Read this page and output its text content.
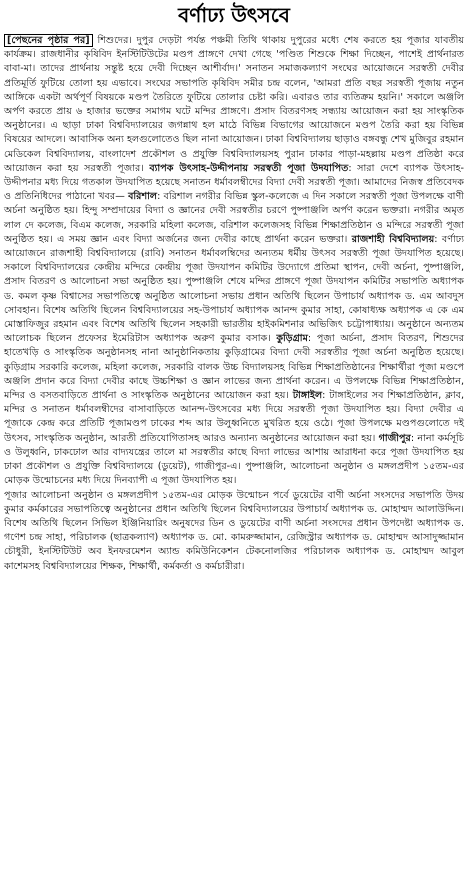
বর্ণাঢ্য উৎসবে

[পেছনের পৃষ্ঠার পর] শিশুদের। দুপুর দেড়টা পর্যন্ত পঞ্চমী তিথি থাকায় দুপুরের মধ্যে শেষ করতে হয় পূজার যাবতীয় কার্যক্রম। রাজধানীর কৃষিবিদ ইনস্টিটিউটের মণ্ডপ প্রাঙ্গণে দেখা গেছে 'পণ্ডিত শিশুকে শিক্ষা দিচ্ছেন, পাশেই প্রার্থনারত বাবা-মা। তাদের প্রার্থনায় সন্তুষ্ট হয়ে দেবী দিচ্ছেন আশীর্বাদ।' সনাতন সমাজকল্যাণ সংঘের আয়োজনে সরস্বতী দেবীর প্রতিমূর্তি ফুটিয়ে তোলা হয় এভাবে। সংঘের সভাপতি কৃষিবিদ সমীর চন্দ্র বলেন, 'আমরা প্রতি বছর সরস্বতী পূজায় নতুন আঙ্গিকে একটা অর্থপূর্ণ বিষয়কে মণ্ডপ তৈরিতে ফুটিয়ে তোলার চেষ্টা করি। এবারও তার ব্যতিক্রম হয়নি।' সকালে অঞ্জলি অর্পণ করতে প্রায় ৬ হাজার ভক্তের সমাগম ঘটে মন্দির প্রাঙ্গণে। প্রসাদ বিতরণসহ সন্ধ্যায় আয়োজন করা হয় সাংস্কৃতিক অনুষ্ঠানের। এ ছাড়া ঢাকা বিশ্ববিদ্যালয়ের জগন্নাথ হল মাঠে বিভিন্ন বিভাগের আয়োজনে মণ্ডপ তৈরি করা হয় বিভিন্ন বিষয়ের আদলে। আবাসিক অন্য হলগুলোতেও ছিল নানা আয়োজন। ঢাকা বিশ্ববিদ্যালয় ছাড়াও বঙ্গবন্ধু শেখ মুজিবুর রহমান মেডিকেল বিশ্ববিদ্যালয়, বাংলাদেশ প্রকৌশল ও প্রযুক্তি বিশ্ববিদ্যালয়সহ পুরান ঢাকার পাড়া-মহল্লায় মণ্ডপ প্রতিষ্ঠা করে আয়োজন করা হয় সরস্বতী পূজার। ব্যাপক উৎসাহ-উদ্দীপনায় সরস্বতী পূজা উদযাপিত: সারা দেশে ব্যাপক উৎসাহ-উদ্দীপনার মধ্য দিয়ে গতকাল উদযাপিত হয়েছে সনাতন ধর্মাবলম্বীদের বিদ্যা দেবী সরস্বতী পূজা। আমাদের নিজস্ব প্রতিবেদক ও প্রতিনিধিদের পাঠানো খবর— বরিশাল: বরিশাল নগরীর বিভিন্ন স্কুল-কলেজে এ দিন সকালে সরস্বতী পূজা উপলক্ষে বাণী অর্চনা অনুষ্ঠিত হয়। হিন্দু সম্প্রদায়ের বিদ্যা ও জ্ঞানের দেবী সরস্বতীর চরণে পুষ্পাঞ্জলি অর্পণ করেন ভক্তরা। নগরীর অমৃত লাল দে কলেজ, বিএম কলেজ, সরকারি মহিলা কলেজ, বরিশাল কলেজসহ বিভিন্ন শিক্ষাপ্রতিষ্ঠান ও মন্দিরে সরস্বতী পূজা অনুষ্ঠিত হয়। এ সময় জ্ঞান এবং বিদ্যা অর্জনের জন্য দেবীর কাছে প্রার্থনা করেন ভক্তরা। রাজশাহী বিশ্ববিদ্যালয়: বর্ণাঢ্য আয়োজনে রাজশাহী বিশ্ববিদ্যালয়ে (রাবি) সনাতন ধর্মাবলম্বিদের অন্যতম ধর্মীয় উৎসব সরস্বতী পূজা উদযাপিত হয়েছে। সকালে বিশ্ববিদ্যালয়ের কেন্দ্রীয় মন্দিরে কেন্দ্রীয় পূজা উদযাপন কমিটির উদ্যোগে প্রতিমা স্থাপন, দেবী অর্চনা, পুষ্পাঞ্জলি, প্রসাদ বিতরণ ও আলোচনা সভা অনুষ্ঠিত হয়। পুষ্পাঞ্জলি শেষে মন্দির প্রাঙ্গণে পূজা উদযাপন কমিটির সভাপতি অধ্যাপক ড. কমল কৃষ্ণ বিশ্বাসের সভাপতিত্বে অনুষ্ঠিত আলোচনা সভায় প্রধান অতিথি ছিলেন উপাচার্য অধ্যাপক ড. এম আবদুস সোবহান। বিশেষ অতিথি ছিলেন বিশ্ববিদ্যালয়ের সহ-উপাচার্য অধ্যাপক আনন্দ কুমার সাহা, কোষাধ্যক্ষ অধ্যাপক এ কে এম মোস্তাফিজুর রহমান এবং বিশেষ অতিথি ছিলেন সহকারী ভারতীয় হাইকমিশনার অভিজিৎ চট্টোপাধ্যায়। অনুষ্ঠানে অন্যতম আলোচক ছিলেন প্রফেসর ইমেরিটাস অধ্যাপক অরুণ কুমার বসাক। কুড়িগ্রাম: পূজা অর্চনা, প্রসাদ বিতরণ, শিশুদের হাতেখড়ি ও সাংস্কৃতিক অনুষ্ঠানসহ নানা আনুষ্ঠানিকতায় কুড়িগ্রামের বিদ্যা দেবী সরস্বতীর পূজা অর্চনা অনুষ্ঠিত হয়েছে। কুড়িগ্রাম সরকারি কলেজ, মহিলা কলেজ, সরকারি বালক উচ্চ বিদ্যালয়সহ বিভিন্ন শিক্ষাপ্রতিষ্ঠানের শিক্ষার্থীরা পূজা মণ্ডপে অঞ্জলি প্রদান করে বিদ্যা দেবীর কাছে উচ্চশিক্ষা ও জ্ঞান লাভের জন্য প্রার্থনা করেন। এ উপলক্ষে বিভিন্ন শিক্ষাপ্রতিষ্ঠান, মন্দির ও বসতবাড়িতে প্রার্থনা ও সাংস্কৃতিক অনুষ্ঠানের আয়োজন করা হয়। টাঙ্গাইল: টাঙ্গাইলের সব শিক্ষাপ্রতিষ্ঠান, ক্লাব, মন্দির ও সনাতন ধর্মাবলম্বীদের বাসাবাড়িতে আনন্দ-উৎসবের মধ্য দিয়ে সরস্বতী পূজা উদযাপিত হয়। বিদ্যা দেবীর এ পূজাকে কেন্দ্র করে প্রতিটি পূজামণ্ডপ ঢাকের শব্দ আর উলুধ্বনিতে মুখরিত হয়ে ওঠে। পূজা উপলক্ষে মণ্ডপগুলোতে দই উৎসব, সাংস্কৃতিক অনুষ্ঠান, আরতী প্রতিযোগিতাসহ আরও অন্যান্য অনুষ্ঠানের আয়োজন করা হয়। গাজীপুর: নানা কর্মসূচি ও উলুধ্বনি, ঢাকঢোল আর বাদ্যযন্ত্রের তালে মা সরস্বতীর কাছে বিদ্যা লাভের আশায় আরাধনা করে পূজা উদযাপিত হয় ঢাকা প্রকৌশল ও প্রযুক্তি বিশ্ববিদ্যালয়ে (ডুয়েট), গাজীপুর-এ। পুষ্পাঞ্জলি, আলোচনা অনুষ্ঠান ও মঙ্গলপ্রদীপ ১৫তম-এর মোড়ক উন্মোচনের মধ্য দিয়ে দিনব্যাপী এ পূজা উদযাপিত হয়।

পূজার আলোচনা অনুষ্ঠান ও মঙ্গলপ্রদীপ ১৫তম-এর মোড়ক উন্মোচন পর্বে ডুয়েটের বাণী অর্চনা সংসদের সভাপতি উদয় কুমার কর্মকারের সভাপতিত্বে অনুষ্ঠানের প্রধান অতিথি ছিলেন বিশ্ববিদ্যালয়ের উপাচার্য অধ্যাপক ড. মোহাম্মদ আলাউদ্দিন। বিশেষ অতিথি ছিলেন সিভিল ইঞ্জিনিয়ারিং অনুষদের ডিন ও ডুয়েটের বাণী অর্চনা সংসদের প্রধান উপদেষ্টা অধ্যাপক ড. গণেশ চন্দ্র সাহা, পরিচালক (ছাত্রকল্যাণ) অধ্যাপক ড. মো. কামরুজ্জামান, রেজিস্ট্রার অধ্যাপক ড. মোহাম্মদ আসাদুজ্জামান চৌধুরী, ইনস্টিটিউট অব ইনফরমেশন অ্যান্ড কমিউনিকেশন টেকনোলজির পরিচালক অধ্যাপক ড. মোহাম্মদ আবুল কাশেমসহ বিশ্ববিদ্যালয়ের শিক্ষক, শিক্ষার্থী, কর্মকর্তা ও কর্মচারীরা।
